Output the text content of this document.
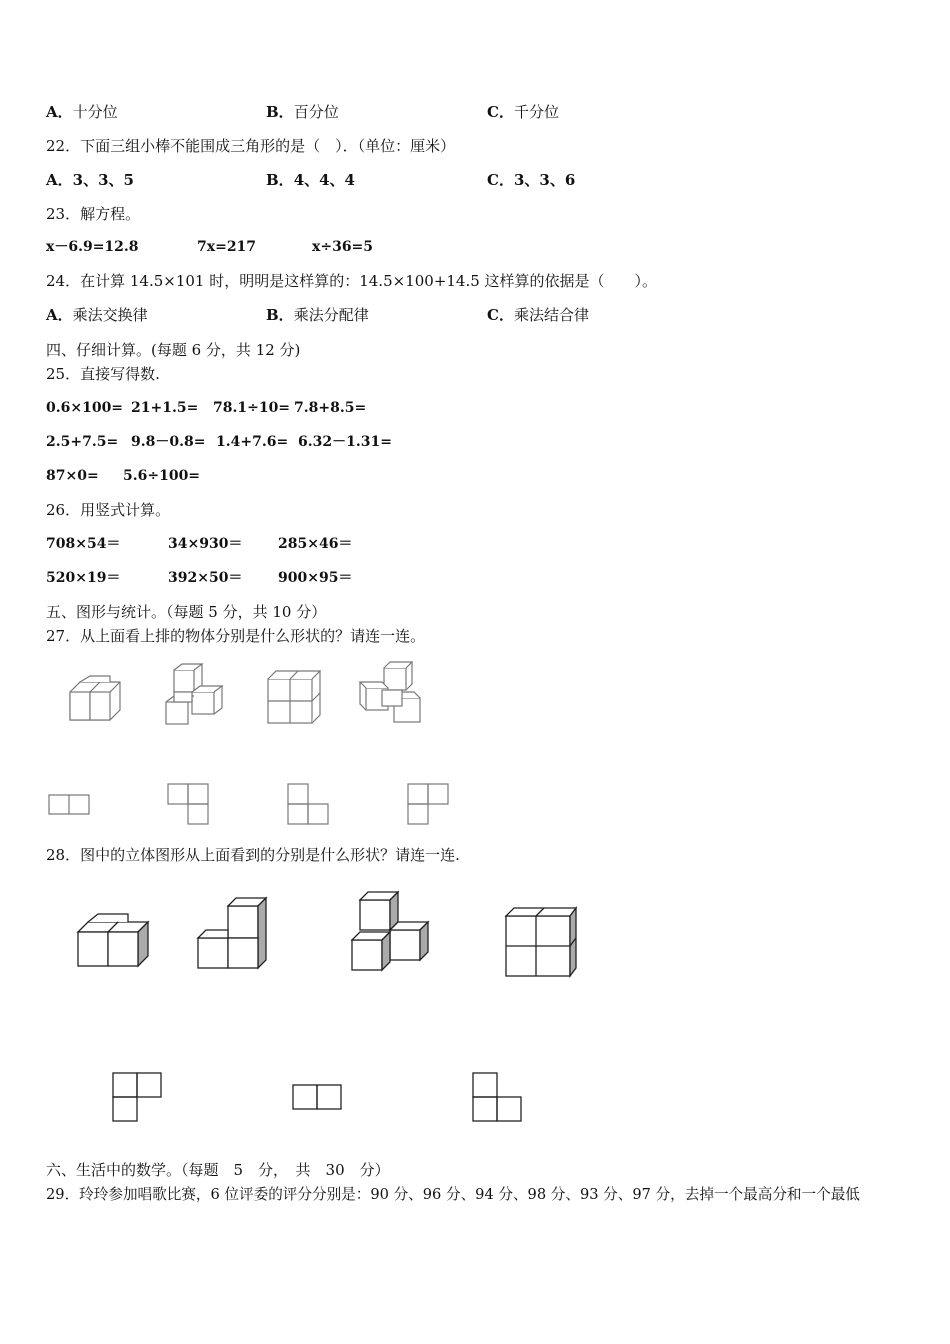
A．十分位	B．百分位	C．千分位
22．下面三组小棒不能围成三角形的是（　）．（单位：厘米）
A．3、3、5	B．4、4、4	C．3、3、6
23．解方程。
x－6.9=12.8	7x=217	x÷36=5
24．在计算 14.5×101 时，明明是这样算的：14.5×100+14.5 这样算的依据是（　　）。
A．乘法交换律	B．乘法分配律	C．乘法结合律
四、仔细计算。(每题 6 分，共 12 分)
25．直接写得数.
0.6×100= 21+1.5= 78.1÷10= 7.8+8.5=
2.5+7.5= 9.8－0.8= 1.4+7.6= 6.32－1.31=
87×0= 5.6÷100=
26．用竖式计算。
708×54＝	34×930＝	285×46＝
520×19＝	392×50＝	900×95＝
五、图形与统计。（每题 5 分，共 10 分）
27．从上面看上排的物体分别是什么形状的？请连一连。
28．图中的立体图形从上面看到的分别是什么形状？请连一连.
六、生活中的数学。（每题　5　分，　共　30　分）
29．玲玲参加唱歌比赛，6 位评委的评分分别是：90 分、96 分、94 分、98 分、93 分、97 分，去掉一个最高分和一个最低
